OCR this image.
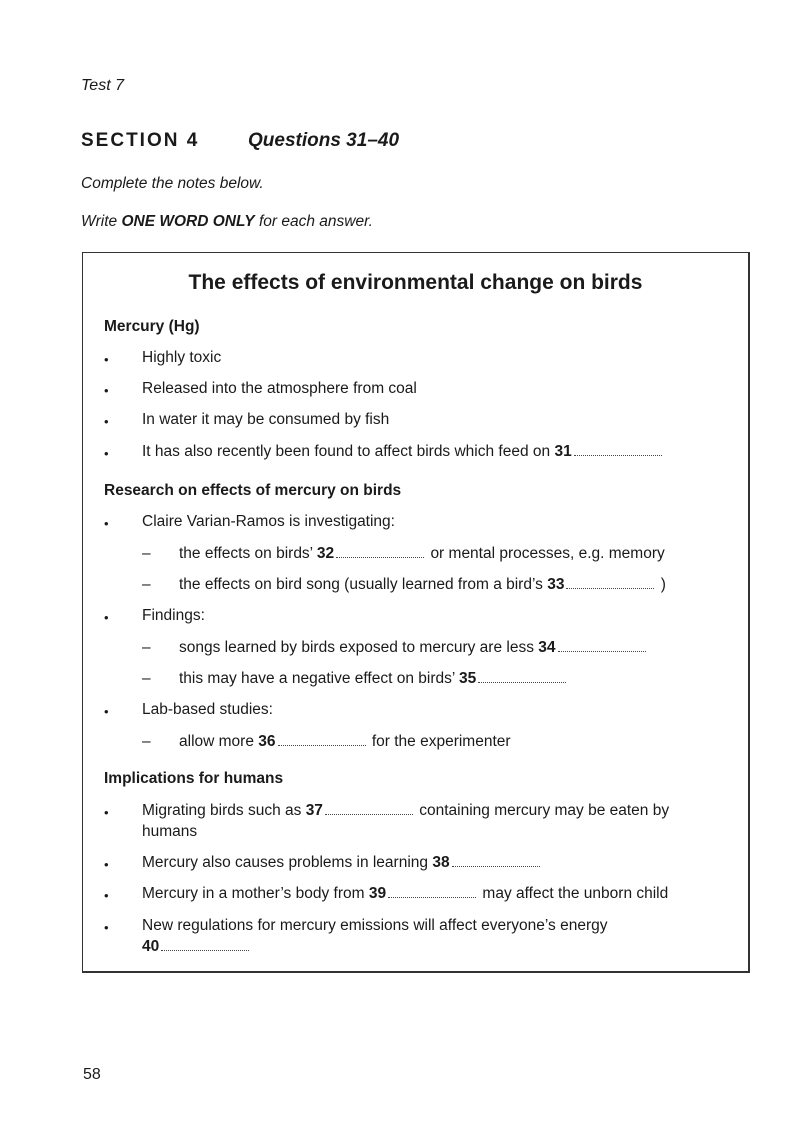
Test 7
SECTION 4	Questions 31–40
Complete the notes below.
Write ONE WORD ONLY for each answer.
The effects of environmental change on birds
Mercury (Hg)
• Highly toxic
• Released into the atmosphere from coal
• In water it may be consumed by fish
• It has also recently been found to affect birds which feed on 31
Research on effects of mercury on birds
• Claire Varian-Ramos is investigating:
– the effects on birds’ 32	or mental processes, e.g. memory
– the effects on bird song (usually learned from a bird’s 33	)
• Findings:
– songs learned by birds exposed to mercury are less 34
– this may have a negative effect on birds’ 35
• Lab-based studies:
– allow more 36	for the experimenter
Implications for humans
• Migrating birds such as 37	containing mercury may be eaten by
humans
• Mercury also causes problems in learning 38
• Mercury in a mother’s body from 39	may affect the unborn child
• New regulations for mercury emissions will affect everyone’s energy
40
58
